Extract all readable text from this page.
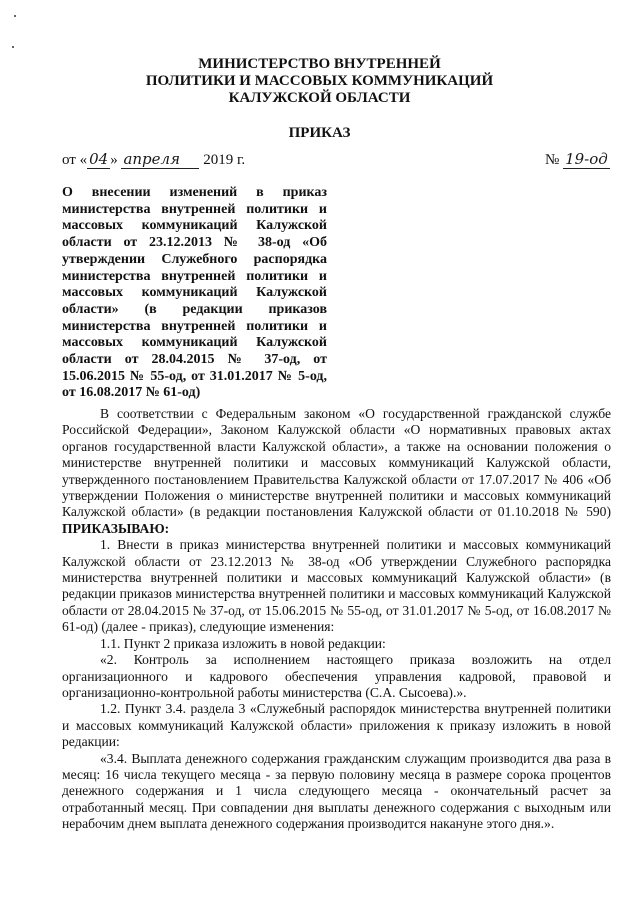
МИНИСТЕРСТВО ВНУТРЕННЕЙ
ПОЛИТИКИ И МАССОВЫХ КОММУНИКАЦИЙ
КАЛУЖСКОЙ ОБЛАСТИ
ПРИКАЗ
от « 04 » апреля 2019 г.	№ 19-од
О внесении изменений в приказ
министерства внутренней политики и
массовых коммуникаций Калужской
области от 23.12.2013 № 38-од «Об
утверждении Служебного распорядка
министерства внутренней политики и
массовых коммуникаций Калужской
области» (в редакции приказов
министерства внутренней политики и
массовых коммуникаций Калужской
области от 28.04.2015 № 37-од, от
15.06.2015 № 55-од, от 31.01.2017 № 5-од,
от 16.08.2017 № 61-од)

В соответствии с Федеральным законом «О государственной гражданской службе Российской Федерации», Законом Калужской области «О нормативных правовых актах органов государственной власти Калужской области», а также на основании положения о министерстве внутренней политики и массовых коммуникаций Калужской области, утвержденного постановлением Правительства Калужской области от 17.07.2017 № 406 «Об утверждении Положения о министерстве внутренней политики и массовых коммуникаций Калужской области» (в редакции постановления Калужской области от 01.10.2018 № 590) ПРИКАЗЫВАЮ:

1. Внести в приказ министерства внутренней политики и массовых коммуникаций Калужской области от 23.12.2013 № 38-од «Об утверждении Служебного распорядка министерства внутренней политики и массовых коммуникаций Калужской области» (в редакции приказов министерства внутренней политики и массовых коммуникаций Калужской области от 28.04.2015 № 37-од, от 15.06.2015 № 55-од, от 31.01.2017 № 5-од, от 16.08.2017 № 61-од) (далее - приказ), следующие изменения:

1.1. Пункт 2 приказа изложить в новой редакции:

«2. Контроль за исполнением настоящего приказа возложить на отдел организационного и кадрового обеспечения управления кадровой, правовой и организационно-контрольной работы министерства (С.А. Сысоева).».

1.2. Пункт 3.4. раздела 3 «Служебный распорядок министерства внутренней политики и массовых коммуникаций Калужской области» приложения к приказу изложить в новой редакции:

«3.4. Выплата денежного содержания гражданским служащим производится два раза в месяц: 16 числа текущего месяца - за первую половину месяца в размере сорока процентов денежного содержания и 1 числа следующего месяца - окончательный расчет за отработанный месяц. При совпадении дня выплаты денежного содержания с выходным или нерабочим днем выплата денежного содержания производится накануне этого дня.».
